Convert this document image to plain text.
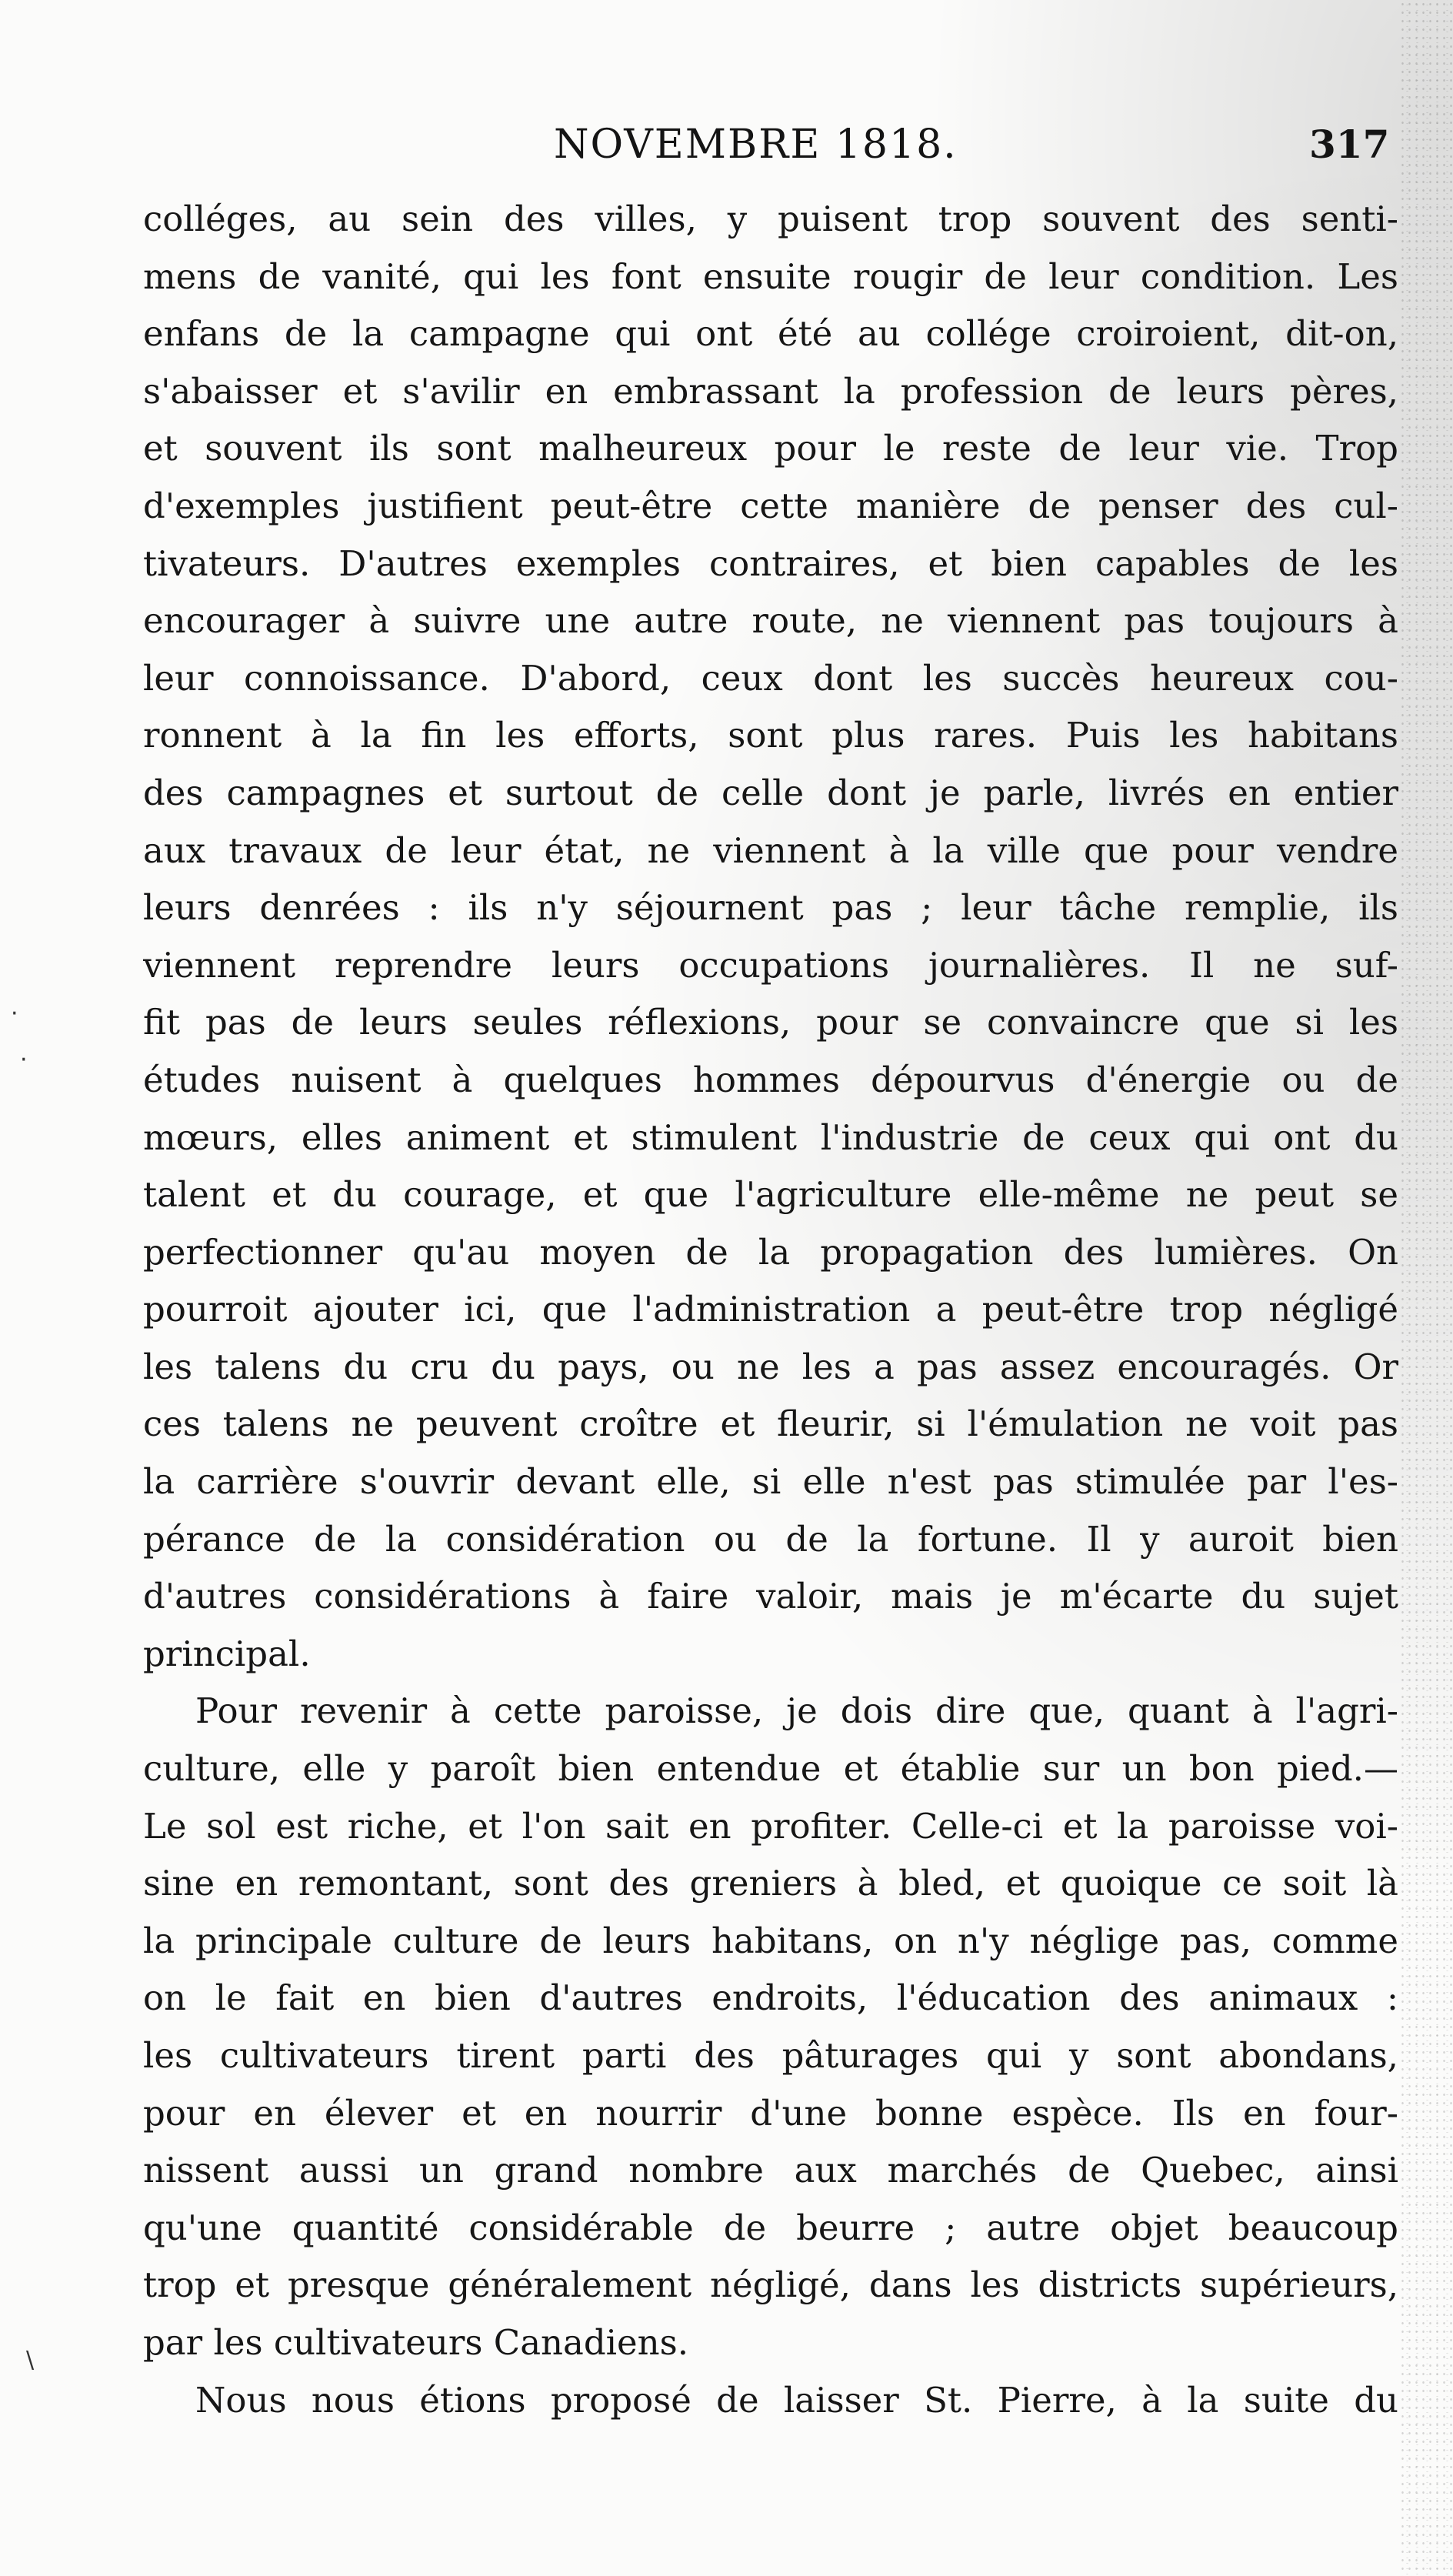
NOVEMBRE 1818.	317
·
·
\
colléges, au sein des villes, y puisent trop souvent des senti-
mens de vanité, qui les font ensuite rougir de leur condition. Les
enfans de la campagne qui ont été au collége croiroient, dit-on,
s'abaisser et s'avilir en embrassant la profession de leurs pères,
et souvent ils sont malheureux pour le reste de leur vie. Trop
d'exemples justifient peut-être cette manière de penser des cul-
tivateurs. D'autres exemples contraires, et bien capables de les
encourager à suivre une autre route, ne viennent pas toujours à
leur connoissance. D'abord, ceux dont les succès heureux cou-
ronnent à la fin les efforts, sont plus rares. Puis les habitans
des campagnes et surtout de celle dont je parle, livrés en entier
aux travaux de leur état, ne viennent à la ville que pour vendre
leurs denrées : ils n'y séjournent pas ; leur tâche remplie, ils
viennent reprendre leurs occupations journalières. Il ne suf-
fit pas de leurs seules réflexions, pour se convaincre que si les
études nuisent à quelques hommes dépourvus d'énergie ou de
mœurs, elles animent et stimulent l'industrie de ceux qui ont du
talent et du courage, et que l'agriculture elle-même ne peut se
perfectionner qu'au moyen de la propagation des lumières. On
pourroit ajouter ici, que l'administration a peut-être trop négligé
les talens du cru du pays, ou ne les a pas assez encouragés. Or
ces talens ne peuvent croître et fleurir, si l'émulation ne voit pas
la carrière s'ouvrir devant elle, si elle n'est pas stimulée par l'es-
pérance de la considération ou de la fortune. Il y auroit bien
d'autres considérations à faire valoir, mais je m'écarte du sujet
principal.
Pour revenir à cette paroisse, je dois dire que, quant à l'agri-
culture, elle y paroît bien entendue et établie sur un bon pied.—
Le sol est riche, et l'on sait en profiter. Celle-ci et la paroisse voi-
sine en remontant, sont des greniers à bled, et quoique ce soit là
la principale culture de leurs habitans, on n'y néglige pas, comme
on le fait en bien d'autres endroits, l'éducation des animaux :
les cultivateurs tirent parti des pâturages qui y sont abondans,
pour en élever et en nourrir d'une bonne espèce. Ils en four-
nissent aussi un grand nombre aux marchés de Quebec, ainsi
qu'une quantité considérable de beurre ; autre objet beaucoup
trop et presque généralement négligé, dans les districts supérieurs,
par les cultivateurs Canadiens.
Nous nous étions proposé de laisser St. Pierre, à la suite du
